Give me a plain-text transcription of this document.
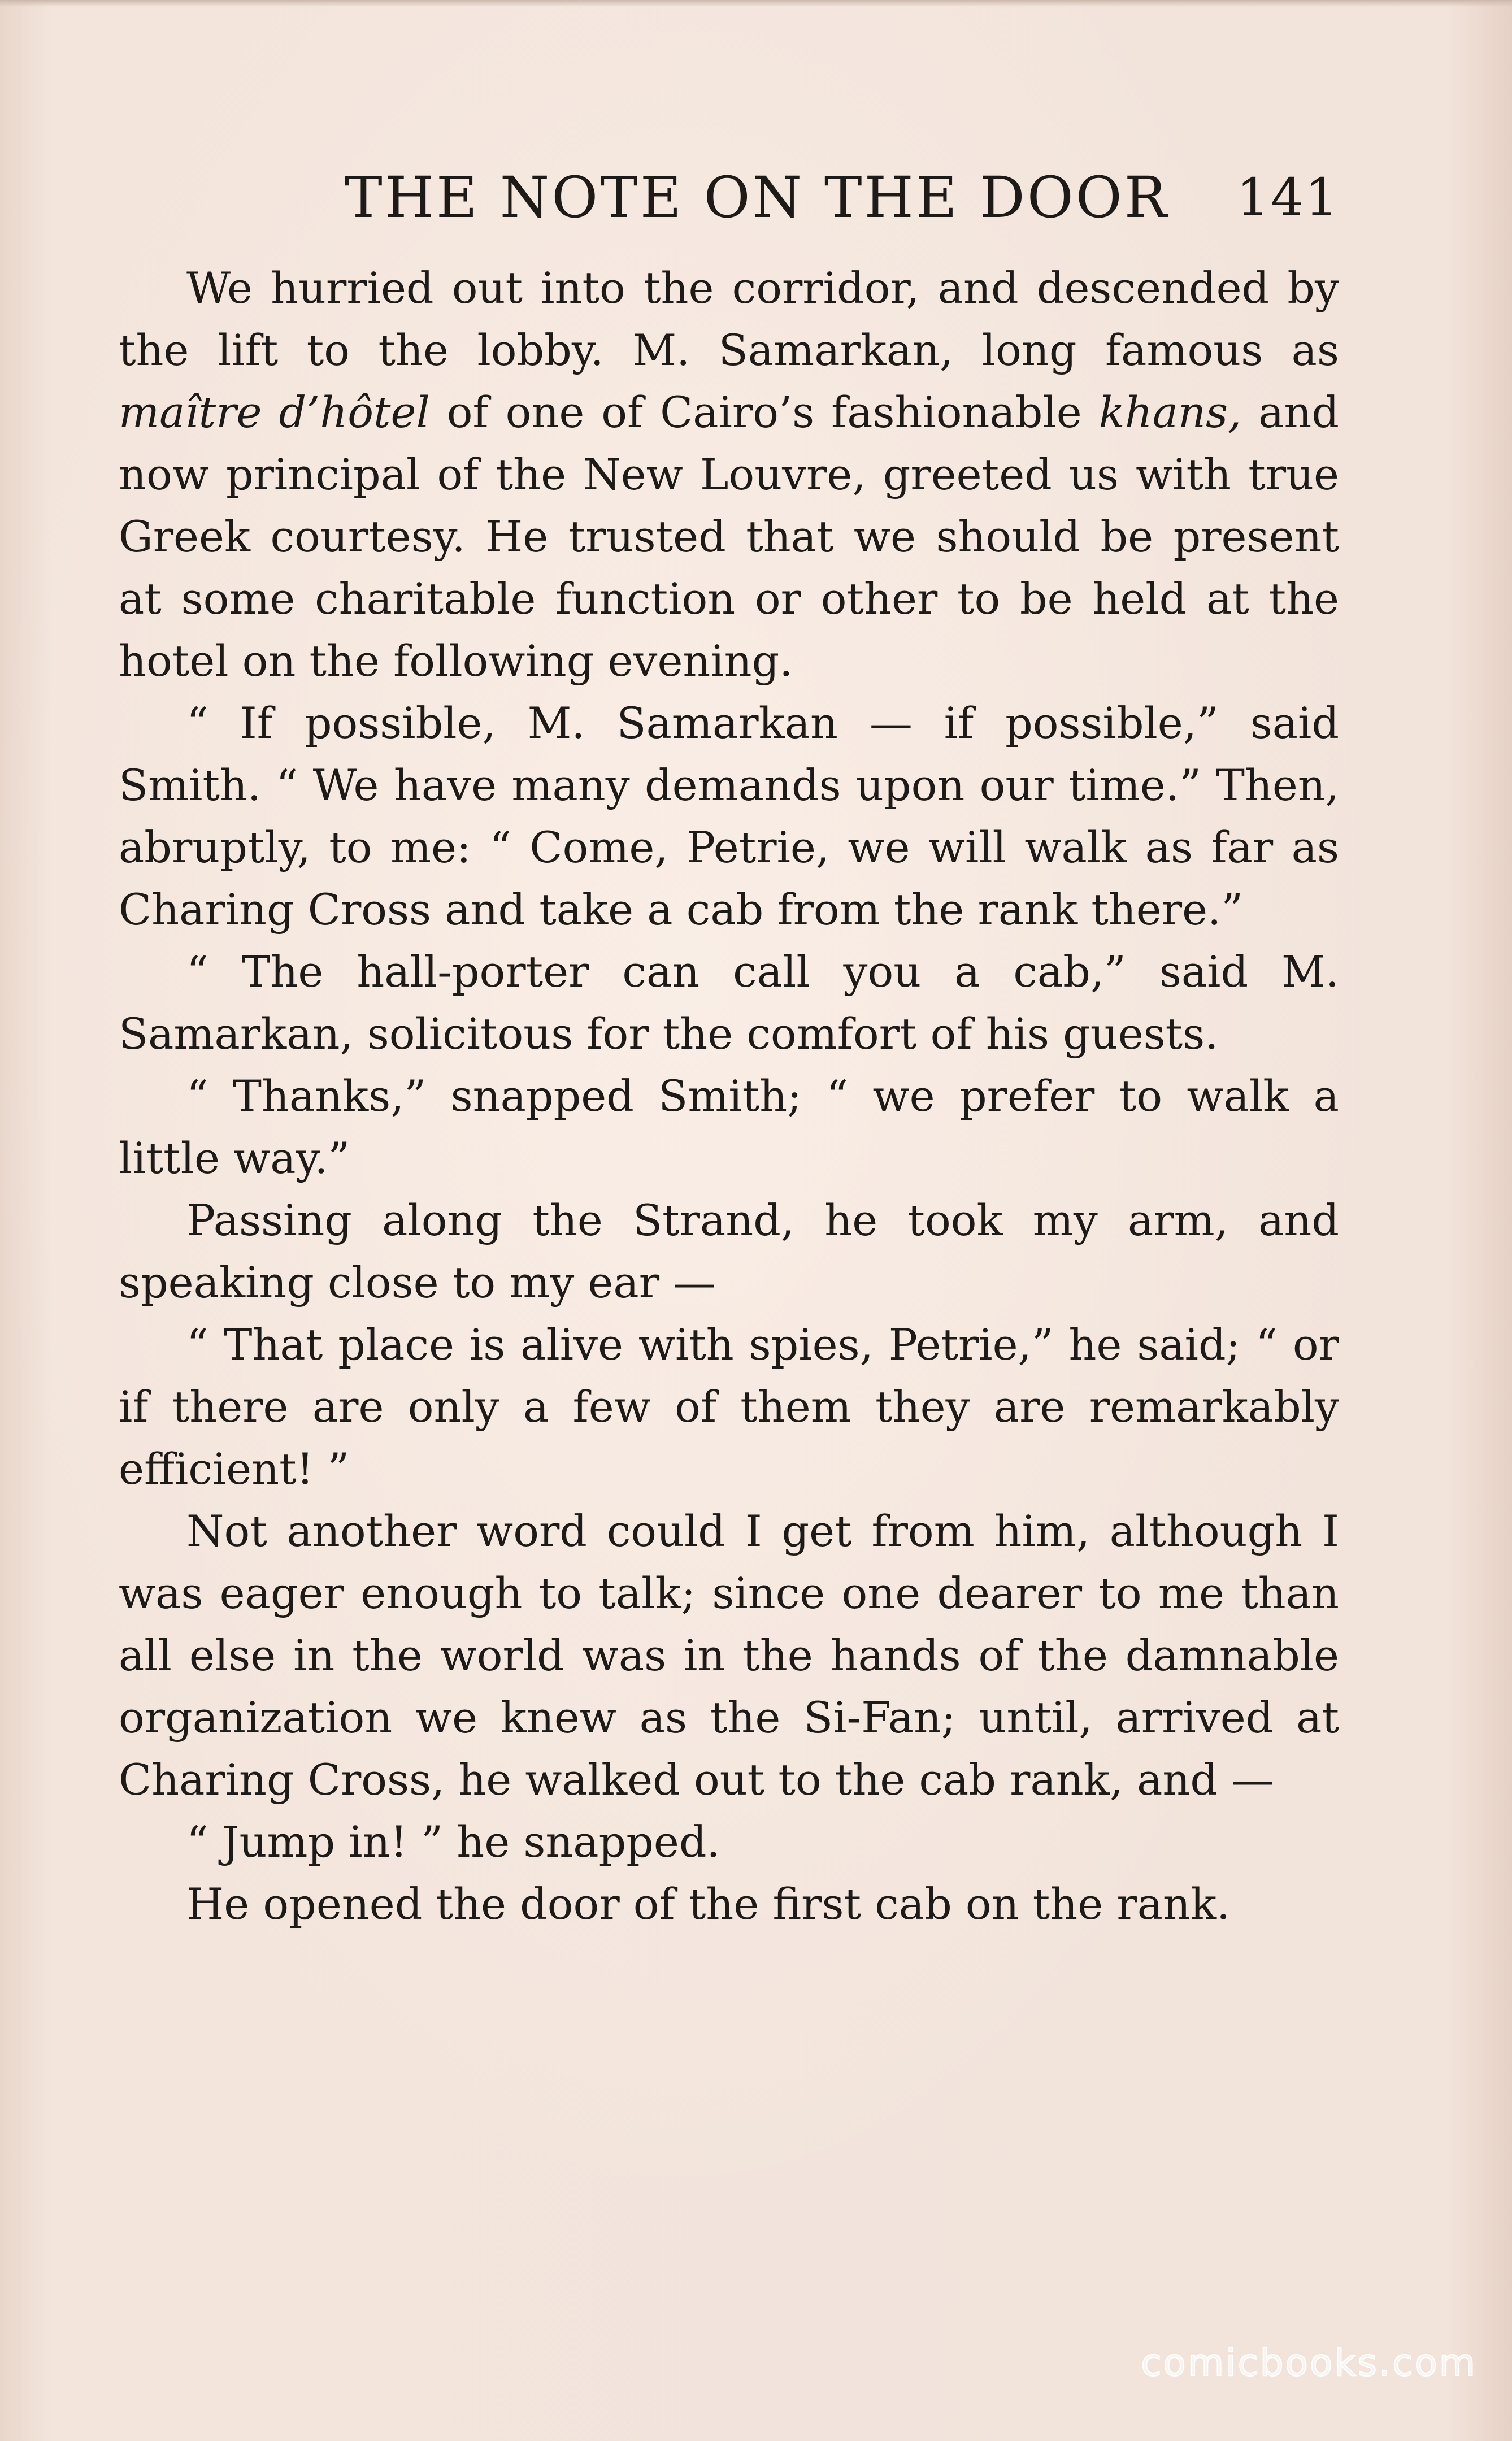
THE NOTE ON THE DOOR 141

We hurried out into the corridor, and descended by the lift to the lobby. M. Samarkan, long famous as maître d’hôtel of one of Cairo’s fashionable khans, and now principal of the New Louvre, greeted us with true Greek courtesy. He trusted that we should be present at some charitable function or other to be held at the hotel on the following evening.

“ If possible, M. Samarkan — if possible,” said Smith. “ We have many demands upon our time.” Then, abruptly, to me: “ Come, Petrie, we will walk as far as Charing Cross and take a cab from the rank there.”

“ The hall-porter can call you a cab,” said M. Samarkan, solicitous for the comfort of his guests.

“ Thanks,” snapped Smith; “ we prefer to walk a little way.”

Passing along the Strand, he took my arm, and speaking close to my ear —

“ That place is alive with spies, Petrie,” he said; “ or if there are only a few of them they are remarkably efficient! ”

Not another word could I get from him, although I was eager enough to talk; since one dearer to me than all else in the world was in the hands of the damnable organization we knew as the Si-Fan; until, arrived at Charing Cross, he walked out to the cab rank, and —

“ Jump in! ” he snapped.

He opened the door of the first cab on the rank.

comicbooks.com
